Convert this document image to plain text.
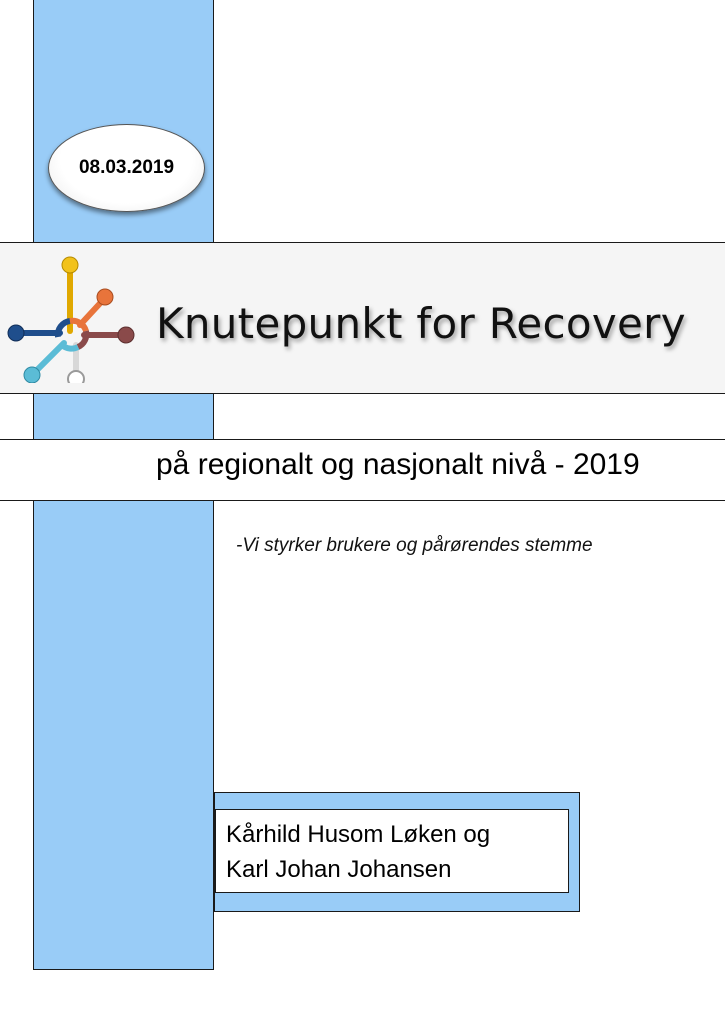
08.03.2019
Knutepunkt for Recovery
på regionalt og nasjonalt nivå - 2019
-Vi styrker brukere og pårørendes stemme
Kårhild Husom Løken og
Karl Johan Johansen
